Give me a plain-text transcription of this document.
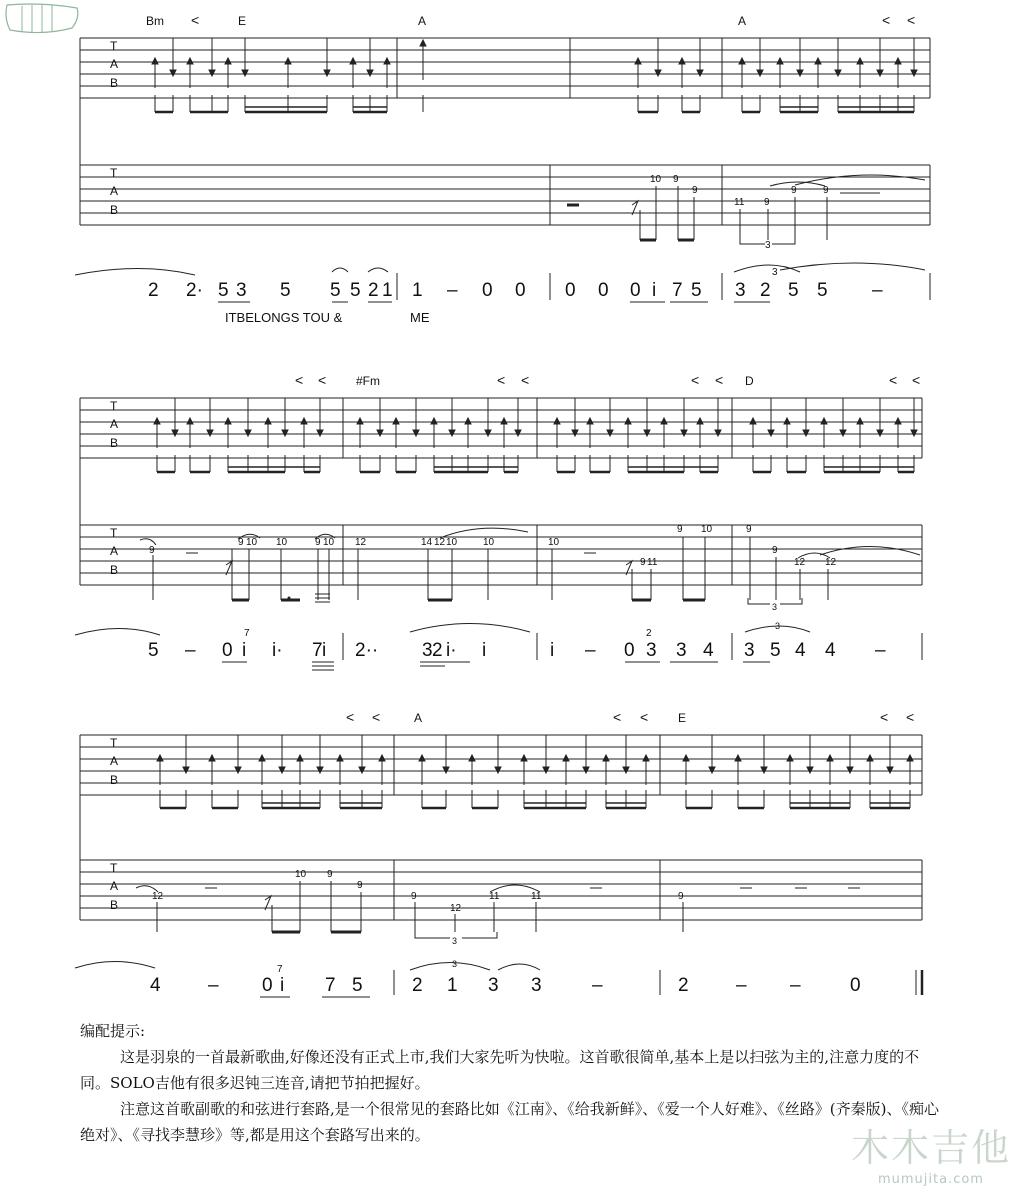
T
A
B
T
A
B
T
A
B
T
A
B
T
A
B
T
A
B
Bm	E	A	A
#Fm	D
A	E
<	< <
< <	< <	< <	< <
< <	< <	< <
10 9
9
11 9
9	9
9
9 10 10	9 10 12	14 12 10	10	10
9 11
9 10	9
9
12 12
12
10 9
9
9
12
11	11	9
3
3
7	2
7
3
3
3
3
2 2· 5 3 5 5 5 2 1 1 – 0 0 0 0 0 i 7 5 3 2 5 5 –
5 – 0 i i· 7 i 2·· 3 2 i· i	i – 0 3 3 4 3 5 4 4 –
4 – 0 i 7 5	2 1 3 3	–	2 – –	0
ITBELONGS TOU &	ME

编配提示:

这是羽泉的一首最新歌曲,好像还没有正式上市,我们大家先听为快啦。这首歌很简单,基本上是以扫弦为主的,注意力度的不同。SOLO吉他有很多迟钝三连音,请把节拍把握好。

注意这首歌副歌的和弦进行套路,是一个很常见的套路比如《江南》、《给我新鲜》、《爱一个人好难》、《丝路》(齐秦版)、《痴心绝对》、《寻找李慧珍》等,都是用这个套路写出来的。	木木吉他
mumujita.com
